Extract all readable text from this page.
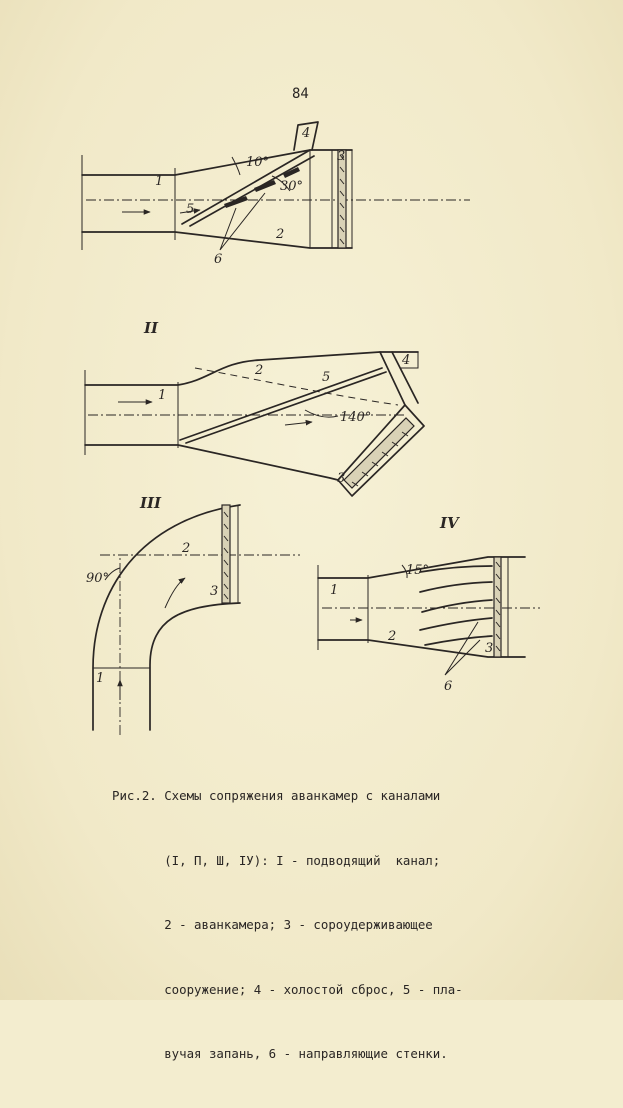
84
1
2
3
4
5
6
10°
30°
II
1
2
3
4
5
140°
III
1
2
3
90°
IV
1
2
3
6
15°

Рис.2. Схемы сопряжения аванкамер с каналами

(I, П, Ш, IУ): I - подводящий  канал;

2 - аванкамера; 3 - сороудерживающее

сооружение; 4 - холостой сброс, 5 - пла-

вучая запань, 6 - направляющие стенки.
